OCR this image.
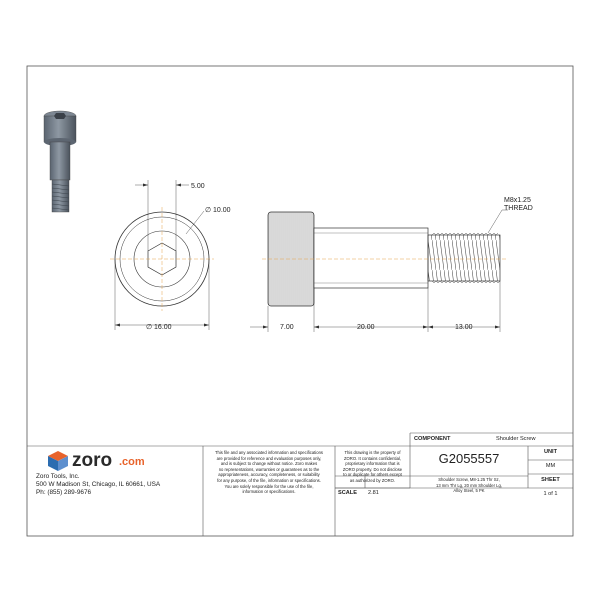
5.00
∅ 10.00
∅ 16.00	7.00	20.00	13.00
M8x1.25
THREAD
zoro .com
Zoro Tools, Inc.
500 W Madison St, Chicago, IL 60661, USA
Ph: (855) 289-9676
This file and any associated information and specifications
are provided for reference and evaluation purposes only,
and is subject to change without notice. Zoro makes
no representations, warranties or guarantees as to the
appropriateness, accuracy, completeness, or suitability
for any purpose, of the file, information or specifications.
You are solely responsible for the use of the file,
information or specifications.
This drawing is the property of
ZORO. It contains confidential,
proprietary information that is
ZORO property. Do not disclose
to or duplicate for others except
as authorized by ZORO.
COMPONENT	Shoulder Screw
G2055557
Shoulder Screw, M8-1.25 Thr Sz,
13 mm Thr Lg, 20 mm Shoulder Lg,
Alloy Steel, 5 PK
UNIT
MM
SHEET
1 of 1
SCALE 2.81
